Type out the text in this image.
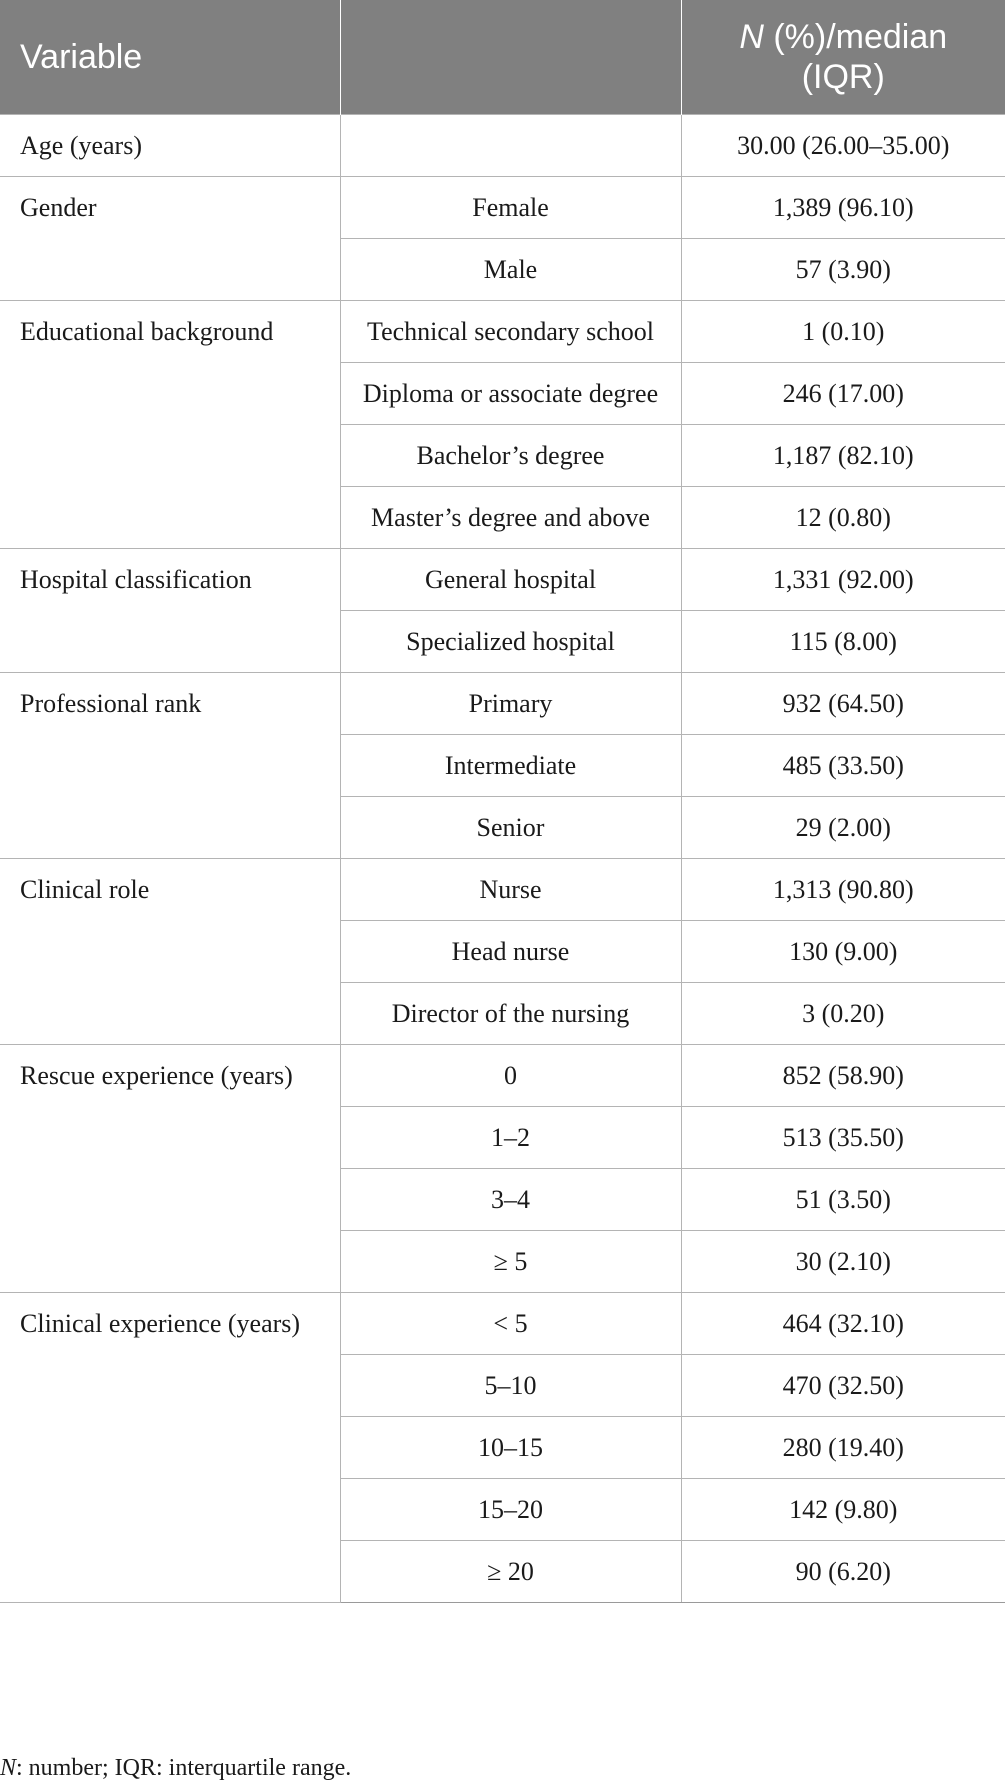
Variable		N (%)/median (IQR)
Age (years)		30.00 (26.00–35.00)
Gender	Female	1,389 (96.10)
	Male	57 (3.90)
Educational background	Technical secondary school	1 (0.10)
	Diploma or associate degree	246 (17.00)
	Bachelor’s degree	1,187 (82.10)
	Master’s degree and above	12 (0.80)
Hospital classification	General hospital	1,331 (92.00)
	Specialized hospital	115 (8.00)
Professional rank	Primary	932 (64.50)
	Intermediate	485 (33.50)
	Senior	29 (2.00)
Clinical role	Nurse	1,313 (90.80)
	Head nurse	130 (9.00)
	Director of the nursing	3 (0.20)
Rescue experience (years)	0	852 (58.90)
	1–2	513 (35.50)
	3–4	51 (3.50)
	≥ 5	30 (2.10)
Clinical experience (years)	< 5	464 (32.10)
	5–10	470 (32.50)
	10–15	280 (19.40)
	15–20	142 (9.80)
	≥ 20	90 (6.20)
N: number; IQR: interquartile range.
